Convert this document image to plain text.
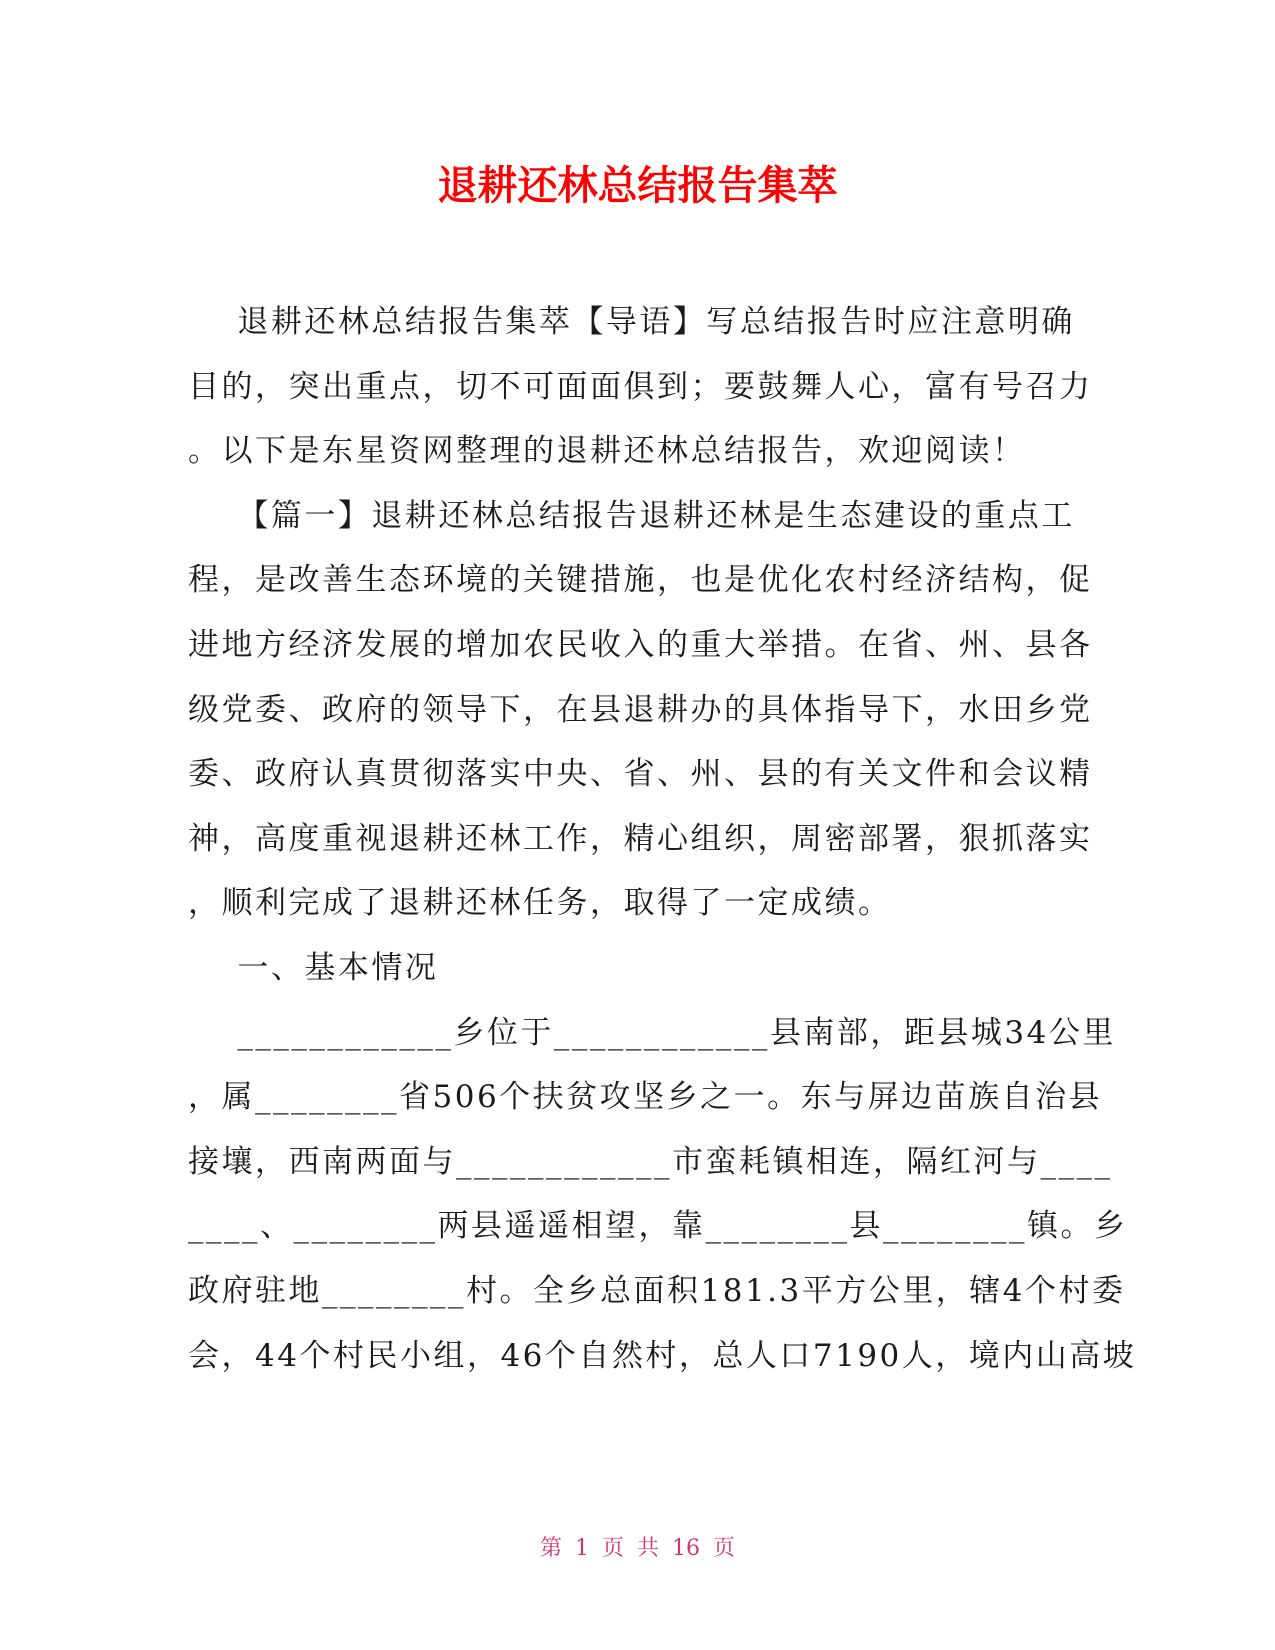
退耕还林总结报告集萃
退耕还林总结报告集萃【导语】写总结报告时应注意明确
目的，突出重点，切不可面面俱到；要鼓舞人心，富有号召力
。以下是东星资网整理的退耕还林总结报告，欢迎阅读！
【篇一】退耕还林总结报告退耕还林是生态建设的重点工
程，是改善生态环境的关键措施，也是优化农村经济结构，促
进地方经济发展的增加农民收入的重大举措。在省、州、县各
级党委、政府的领导下，在县退耕办的具体指导下，水田乡党
委、政府认真贯彻落实中央、省、州、县的有关文件和会议精
神，高度重视退耕还林工作，精心组织，周密部署，狠抓落实
，顺利完成了退耕还林任务，取得了一定成绩。
一、基本情况
____________乡位于____________县南部，距县城34公里
，属________省506个扶贫攻坚乡之一。东与屏边苗族自治县
接壤，西南两面与____________市蛮耗镇相连，隔红河与____
____、________两县遥遥相望，靠________县________镇。乡
政府驻地________村。全乡总面积181.3平方公里，辖4个村委
会，44个村民小组，46个自然村，总人口7190人，境内山高坡
第 1 页 共 16 页
